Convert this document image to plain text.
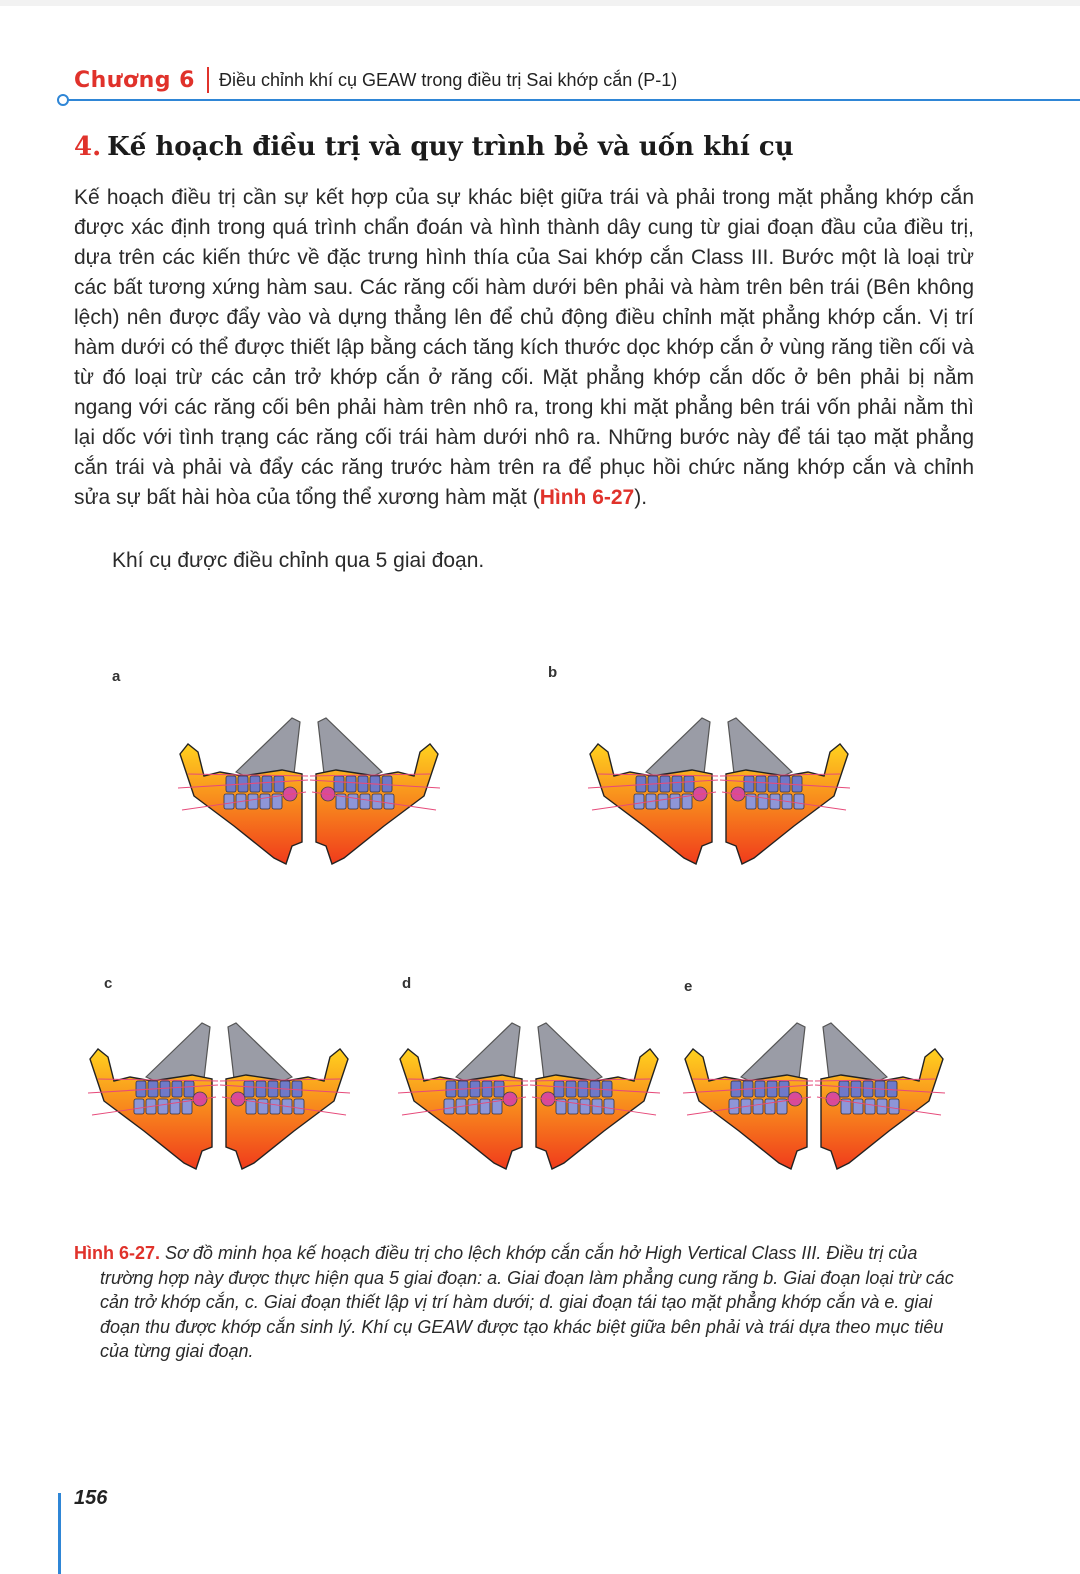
Chương 6 Điều chỉnh khí cụ GEAW trong điều trị Sai khớp cắn (P-1)
4. Kế hoạch điều trị và quy trình bẻ và uốn khí cụ

Kế hoạch điều trị cần sự kết hợp của sự khác biệt giữa trái và phải trong mặt phẳng khớp cắn được xác định trong quá trình chẩn đoán và hình thành dây cung từ giai đoạn đầu của điều trị, dựa trên các kiến thức về đặc trưng hình thía của Sai khớp cắn Class III. Bước một là loại trừ các bất tương xứng hàm sau. Các răng cối hàm dưới bên phải và hàm trên bên trái (Bên không lệch) nên được đẩy vào và dựng thẳng lên để chủ động điều chỉnh mặt phẳng khớp cắn. Vị trí hàm dưới có thể được thiết lập bằng cách tăng kích thước dọc khớp cắn ở vùng răng tiền cối và từ đó loại trừ các cản trở khớp cắn ở răng cối. Mặt phẳng khớp cắn dốc ở bên phải bị nằm ngang với các răng cối bên phải hàm trên nhô ra, trong khi mặt phẳng bên trái vốn phải nằm thì lại dốc với tình trạng các răng cối trái hàm dưới nhô ra. Những bước này để tái tạo mặt phẳng cắn trái và phải và đẩy các răng trước hàm trên ra để phục hồi chức năng khớp cắn và chỉnh sửa sự bất hài hòa của tổng thể xương hàm mặt (Hình 6-27).

Khí cụ được điều chỉnh qua 5 giai đoạn.

a	b
c	d	e

Hình 6-27. Sơ đồ minh họa kế hoạch điều trị cho lệch khớp cắn cắn hở High Vertical Class III. Điều trị của trường hợp này được thực hiện qua 5 giai đoạn: a. Giai đoạn làm phẳng cung răng b. Giai đoạn loại trừ các cản trở khớp cắn, c. Giai đoạn thiết lập vị trí hàm dưới; d. giai đoạn tái tạo mặt phẳng khớp cắn và e. giai đoạn thu được khớp cắn sinh lý. Khí cụ GEAW được tạo khác biệt giữa bên phải và trái dựa theo mục tiêu của từng giai đoạn.

156
